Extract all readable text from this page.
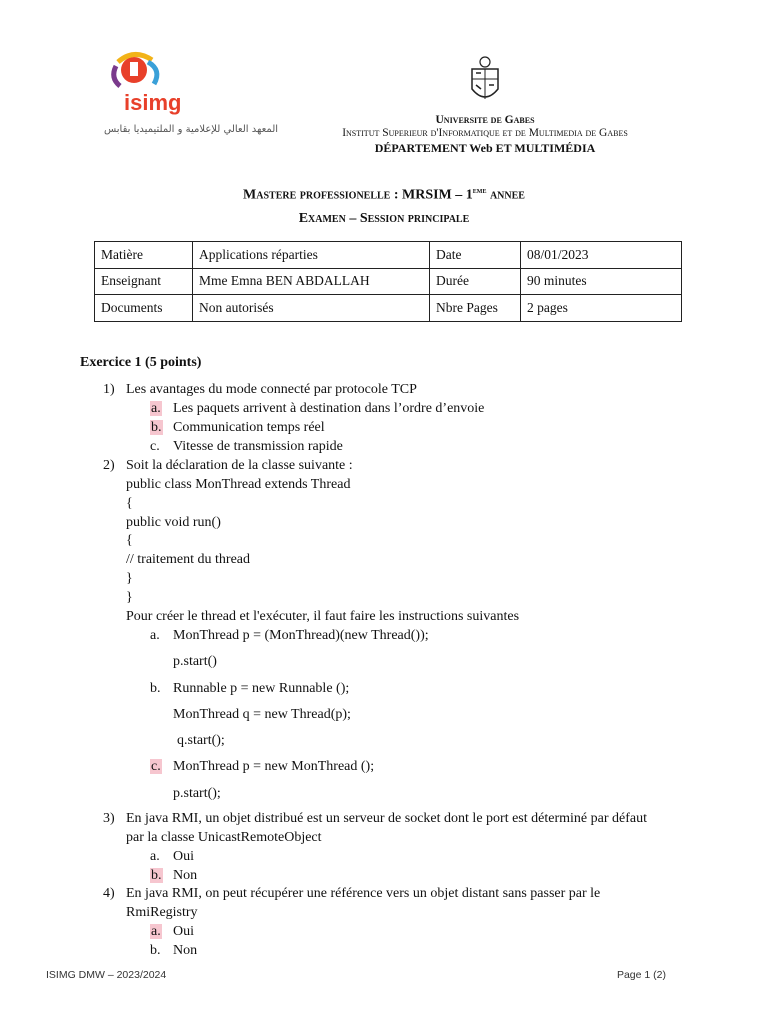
isimg
المعهد العالي للإعلامية و الملتيميديا بقابس
Universite de Gabes
Institut Superieur d'Informatique et de Multimedia de Gabes
DÉPARTEMENT Web ET MULTIMÉDIA
Mastere professionelle : MRSIM – 1eme annee
Examen – Session principale
Matière	Applications réparties	Date	08/01/2023
Enseignant	Mme Emna BEN ABDALLAH	Durée	90 minutes
Documents	Non autorisés	Nbre Pages	2 pages
Exercice 1 (5 points)
1) Les avantages du mode connecté par protocole TCP
a. Les paquets arrivent à destination dans l’ordre d’envoie
b. Communication temps réel
c. Vitesse de transmission rapide
2) Soit la déclaration de la classe suivante :
public class MonThread extends Thread
{
public void run()
{
// traitement du thread
}
}
Pour créer le thread et l'exécuter, il faut faire les instructions suivantes
a. MonThread p = (MonThread)(new Thread());
p.start()
b. Runnable p = new Runnable ();
MonThread q = new Thread(p);
q.start();
c. MonThread p = new MonThread ();
p.start();
3) En java RMI, un objet distribué est un serveur de socket dont le port est déterminé par défaut
par la classe UnicastRemoteObject
a. Oui
b. Non
4) En java RMI, on peut récupérer une référence vers un objet distant sans passer par le
RmiRegistry
a. Oui
b. Non
ISIMG DMW – 2023/2024	Page 1 (2)
